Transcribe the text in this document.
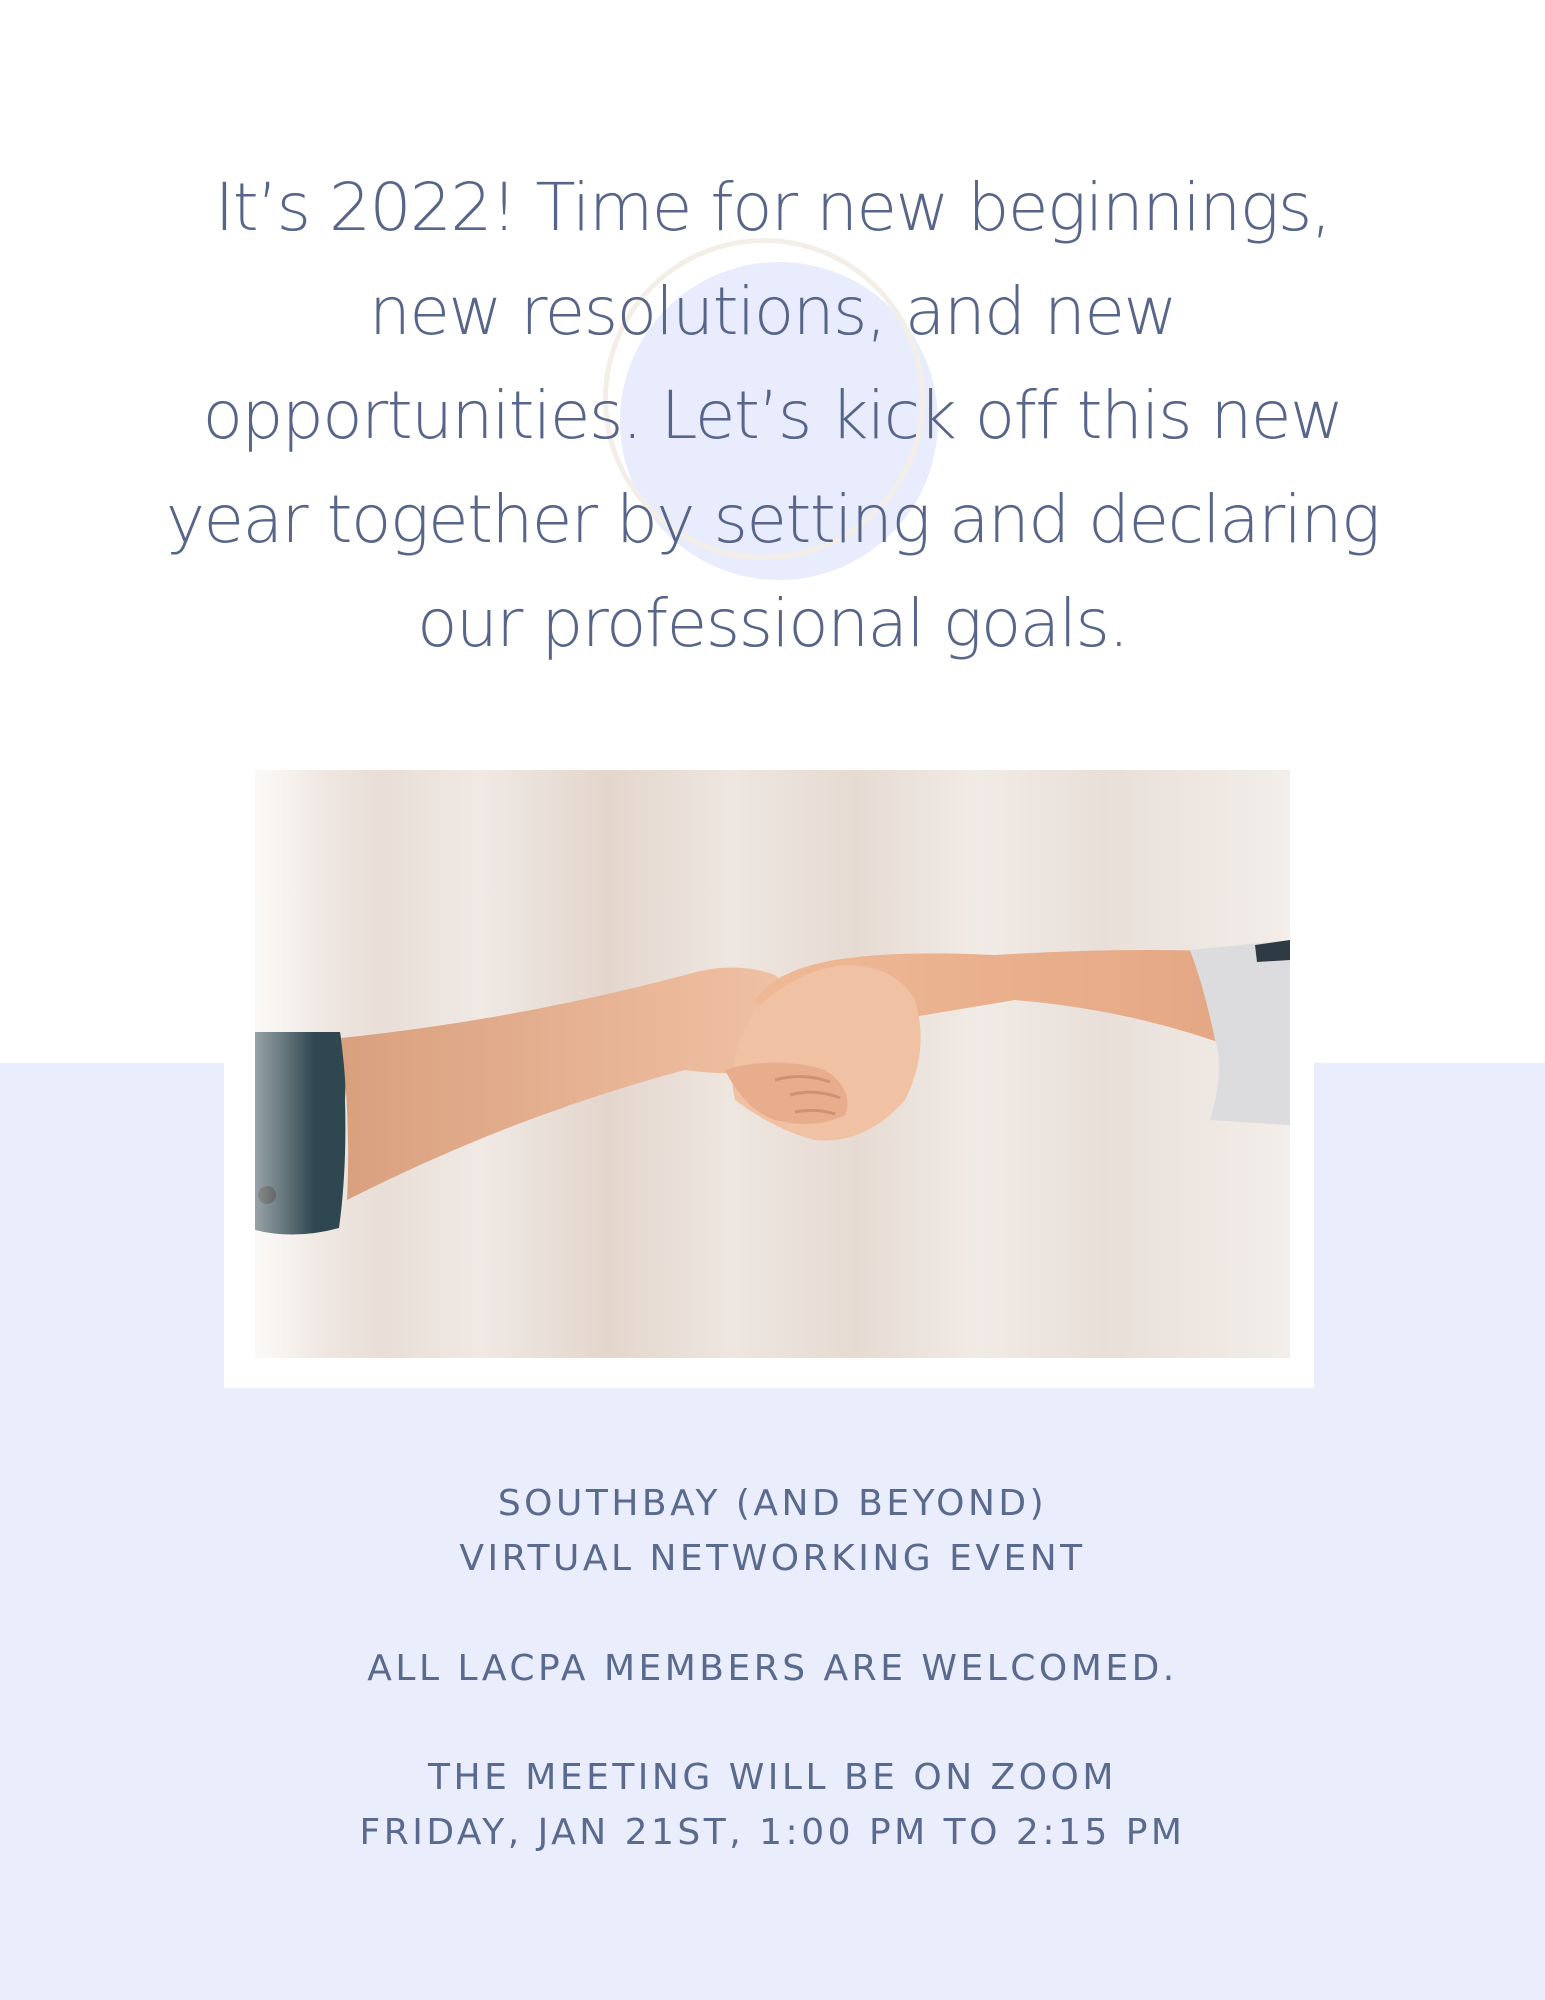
It’s 2022! Time for new beginnings,
new resolutions, and new
opportunities. Let’s kick off this new
year together by setting and declaring
our professional goals.

SOUTHBAY (AND BEYOND)
VIRTUAL NETWORKING EVENT

ALL LACPA MEMBERS ARE WELCOMED.

THE MEETING WILL BE ON ZOOM
FRIDAY, JAN 21ST, 1:00 PM TO 2:15 PM
